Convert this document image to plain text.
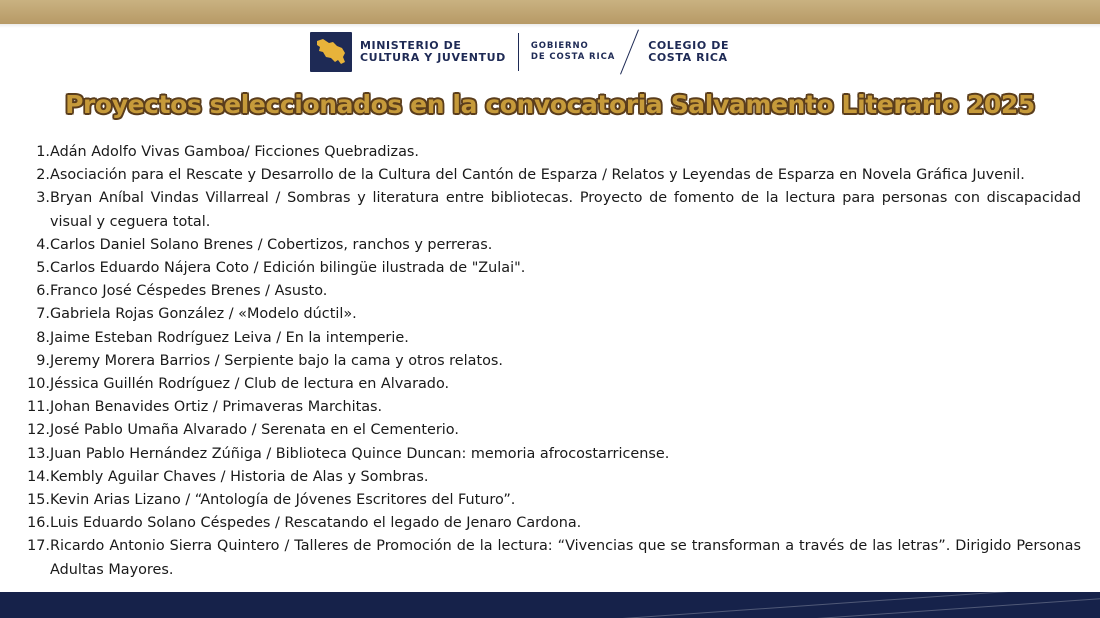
MINISTERIO DE
CULTURA Y JUVENTUD
GOBIERNO
DE COSTA RICA
COLEGIO DE
COSTA RICA
Proyectos seleccionados en la convocatoria Salvamento Literario 2025
1. Adán Adolfo Vivas Gamboa/ Ficciones Quebradizas.
2. Asociación para el Rescate y Desarrollo de la Cultura del Cantón de Esparza / Relatos y Leyendas de Esparza en Novela Gráfica Juvenil.
3. Bryan Aníbal Vindas Villarreal / Sombras y literatura entre bibliotecas. Proyecto de fomento de la lectura para personas con discapacidad visual y ceguera total.
4. Carlos Daniel Solano Brenes / Cobertizos, ranchos y perreras.
5. Carlos Eduardo Nájera Coto / Edición bilingüe ilustrada de "Zulai".
6. Franco José Céspedes Brenes / Asusto.
7. Gabriela Rojas González / «Modelo dúctil».
8. Jaime Esteban Rodríguez Leiva / En la intemperie.
9. Jeremy Morera Barrios / Serpiente bajo la cama y otros relatos.
10. Jéssica Guillén Rodríguez / Club de lectura en Alvarado.
11. Johan Benavides Ortiz / Primaveras Marchitas.
12. José Pablo Umaña Alvarado / Serenata en el Cementerio.
13. Juan Pablo Hernández Zúñiga / Biblioteca Quince Duncan: memoria afrocostarricense.
14. Kembly Aguilar Chaves / Historia de Alas y Sombras.
15. Kevin Arias Lizano / “Antología de Jóvenes Escritores del Futuro”.
16. Luis Eduardo Solano Céspedes / Rescatando el legado de Jenaro Cardona.
17. Ricardo Antonio Sierra Quintero / Talleres de Promoción de la lectura: “Vivencias que se transforman a través de las letras”. Dirigido Personas Adultas Mayores.
